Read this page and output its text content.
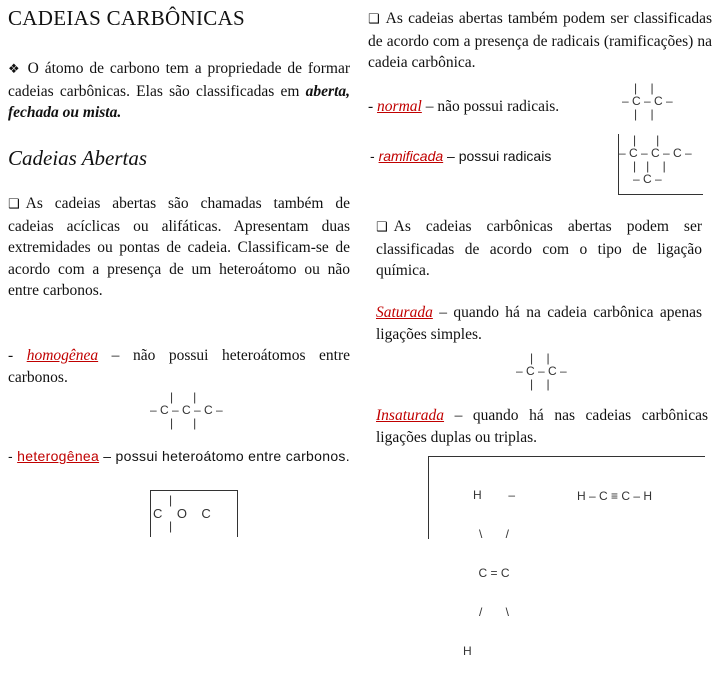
CADEIAS CARBÔNICAS
❖ O átomo de carbono tem a propriedade de formar cadeias carbônicas. Elas são classificadas em aberta, fechada ou mista.
Cadeias Abertas
❑ As cadeias abertas são chamadas também de cadeias acíclicas ou alifáticas. Apresentam duas extremidades ou pontas de cadeia. Classificam-se de acordo com a presença de um heteroátomo ou não entre carbonos.
- homogênea – não possui heteroátomos entre carbonos.
|      |
– C – C – C –
|      |
- heterogênea – possui heteroátomo entre carbonos.
|
C    O    C
|
❑ As cadeias abertas também podem ser classificadas de acordo com a presença de radicais (ramificações) na cadeia carbônica.
- normal – não possui radicais.
|    |
– C – C –
|    |
- ramificada – possui radicais
|      |
– C – C – C –
|   |    |
– C –
❑ As cadeias carbônicas abertas podem ser classificadas de acordo com o tipo de ligação química.
Saturada – quando há na cadeia carbônica apenas ligações simples.
|    |
– C – C –
|    |
Insaturada – quando há nas cadeias carbônicas ligações duplas ou triplas.

H        –

\       /

C = C

/       \

H

H – C ≡ C – H
